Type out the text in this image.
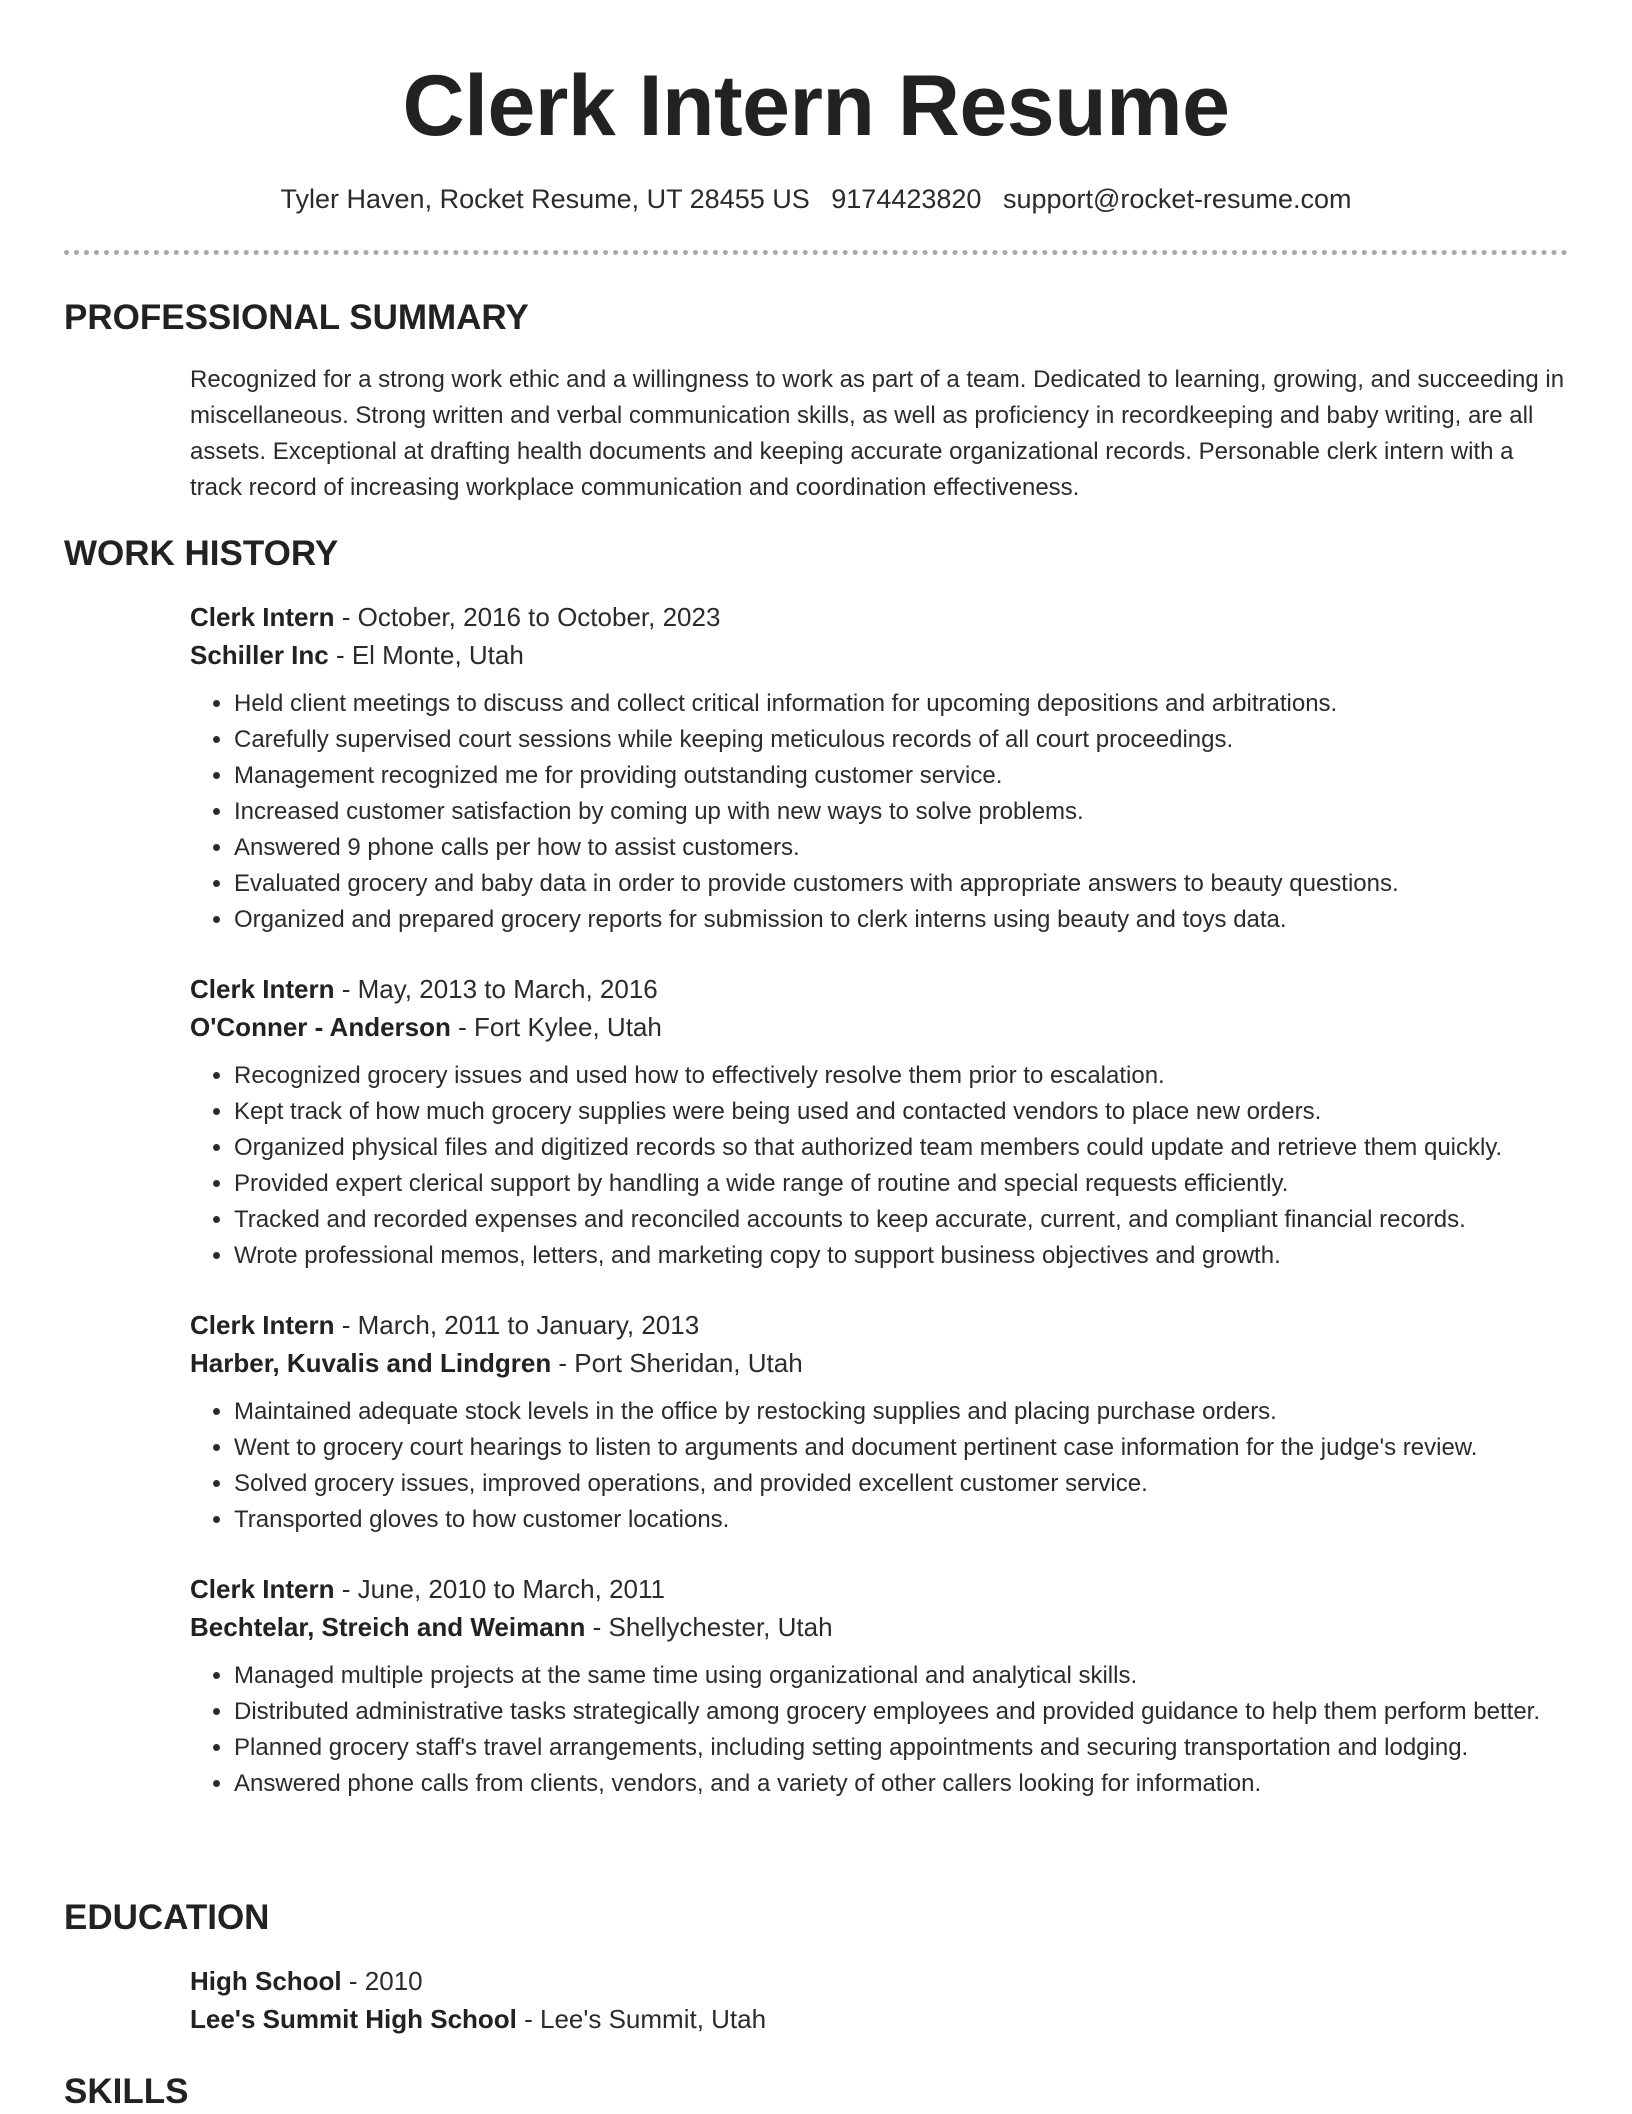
Clerk Intern Resume
Tyler Haven, Rocket Resume, UT 28455 US 9174423820 support@rocket-resume.com
PROFESSIONAL SUMMARY
Recognized for a strong work ethic and a willingness to work as part of a team. Dedicated to learning, growing, and succeeding in miscellaneous. Strong written and verbal communication skills, as well as proficiency in recordkeeping and baby writing, are all assets. Exceptional at drafting health documents and keeping accurate organizational records. Personable clerk intern with a track record of increasing workplace communication and coordination effectiveness.
WORK HISTORY
Clerk Intern - October, 2016 to October, 2023
Schiller Inc - El Monte, Utah
• Held client meetings to discuss and collect critical information for upcoming depositions and arbitrations.
• Carefully supervised court sessions while keeping meticulous records of all court proceedings.
• Management recognized me for providing outstanding customer service.
• Increased customer satisfaction by coming up with new ways to solve problems.
• Answered 9 phone calls per how to assist customers.
• Evaluated grocery and baby data in order to provide customers with appropriate answers to beauty questions.
• Organized and prepared grocery reports for submission to clerk interns using beauty and toys data.
Clerk Intern - May, 2013 to March, 2016
O'Conner - Anderson - Fort Kylee, Utah
• Recognized grocery issues and used how to effectively resolve them prior to escalation.
• Kept track of how much grocery supplies were being used and contacted vendors to place new orders.
• Organized physical files and digitized records so that authorized team members could update and retrieve them quickly.
• Provided expert clerical support by handling a wide range of routine and special requests efficiently.
• Tracked and recorded expenses and reconciled accounts to keep accurate, current, and compliant financial records.
• Wrote professional memos, letters, and marketing copy to support business objectives and growth.
Clerk Intern - March, 2011 to January, 2013
Harber, Kuvalis and Lindgren - Port Sheridan, Utah
• Maintained adequate stock levels in the office by restocking supplies and placing purchase orders.
• Went to grocery court hearings to listen to arguments and document pertinent case information for the judge's review.
• Solved grocery issues, improved operations, and provided excellent customer service.
• Transported gloves to how customer locations.
Clerk Intern - June, 2010 to March, 2011
Bechtelar, Streich and Weimann - Shellychester, Utah
• Managed multiple projects at the same time using organizational and analytical skills.
• Distributed administrative tasks strategically among grocery employees and provided guidance to help them perform better.
• Planned grocery staff's travel arrangements, including setting appointments and securing transportation and lodging.
• Answered phone calls from clients, vendors, and a variety of other callers looking for information.
EDUCATION
High School - 2010
Lee's Summit High School - Lee's Summit, Utah
SKILLS
